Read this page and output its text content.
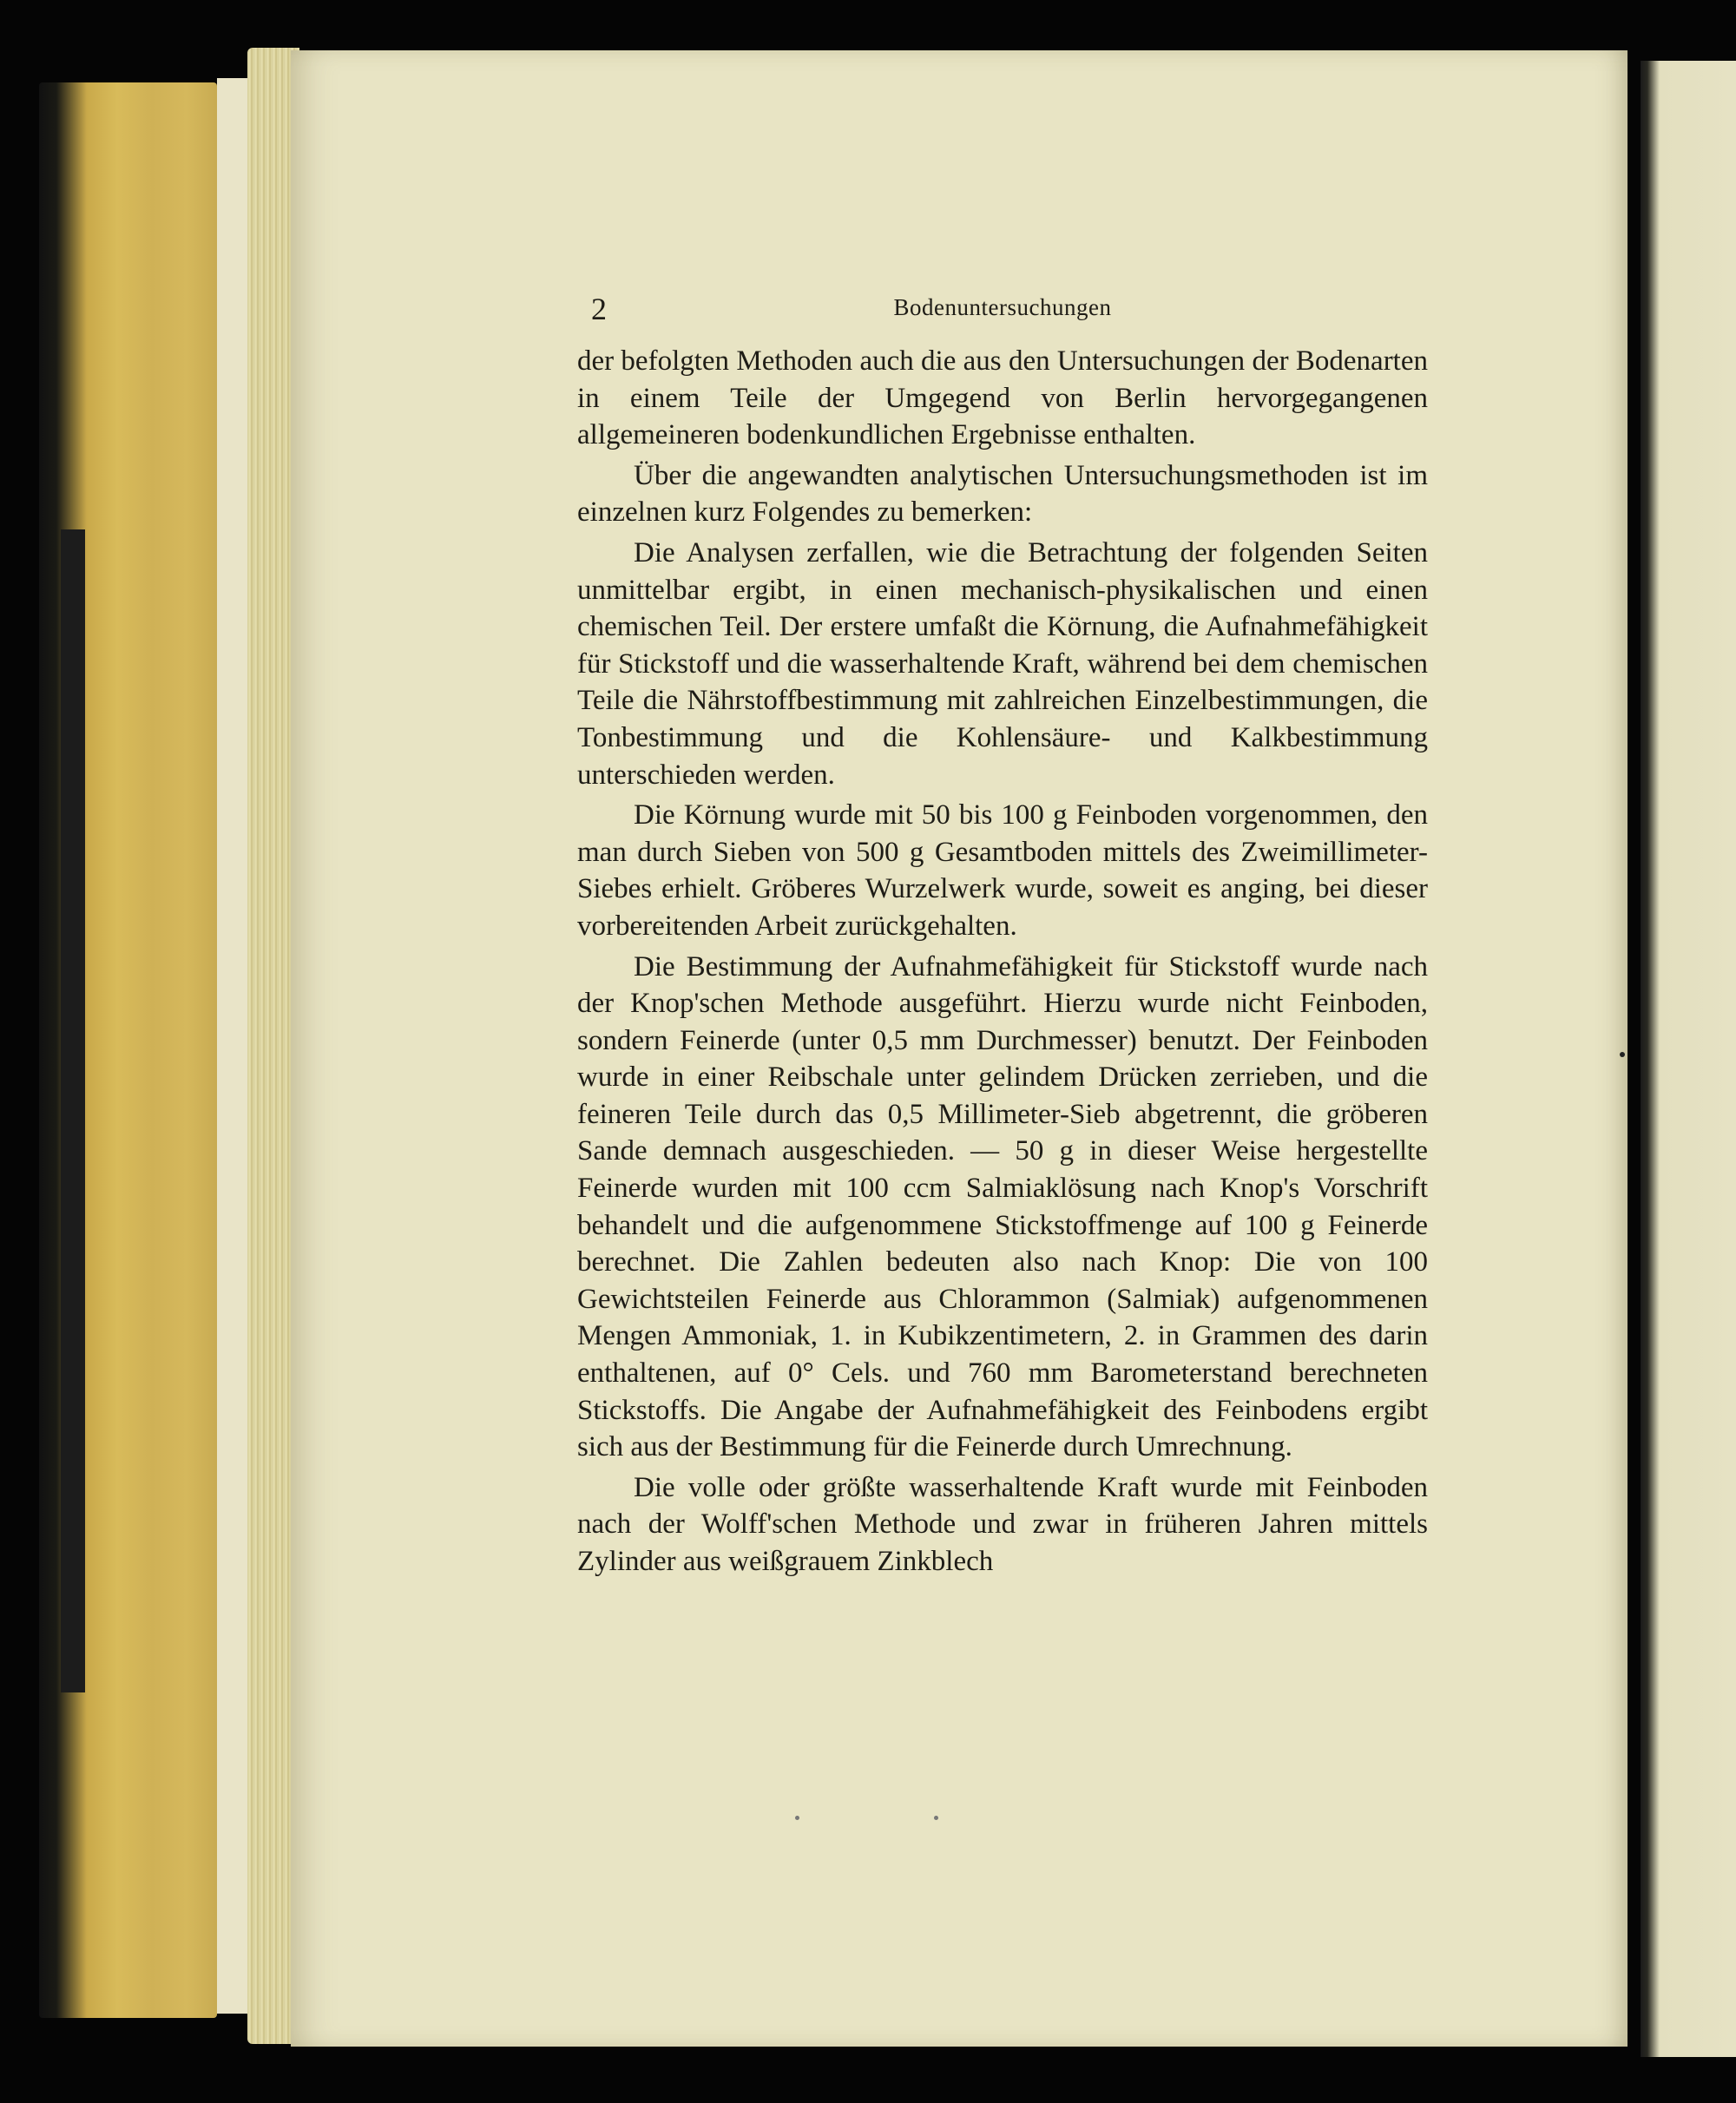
2	Bodenuntersuchungen

der befolgten Methoden auch die aus den Untersuchungen der Bodenarten in einem Teile der Umgegend von Berlin hervorgegangenen allgemeineren bodenkundlichen Ergebnisse enthalten.

Über die angewandten analytischen Untersuchungsmethoden ist im einzelnen kurz Folgendes zu bemerken:

Die Analysen zerfallen, wie die Betrachtung der folgenden Seiten unmittelbar ergibt, in einen mechanisch-physikalischen und einen chemischen Teil. Der erstere umfaßt die Körnung, die Aufnahmefähigkeit für Stickstoff und die wasserhaltende Kraft, während bei dem chemischen Teile die Nährstoffbestimmung mit zahlreichen Einzelbestimmungen, die Tonbestimmung und die Kohlensäure- und Kalkbestimmung unterschieden werden.

Die Körnung wurde mit 50 bis 100 g Feinboden vorgenommen, den man durch Sieben von 500 g Gesamtboden mittels des Zweimillimeter-Siebes erhielt. Gröberes Wurzelwerk wurde, soweit es anging, bei dieser vorbereitenden Arbeit zurückgehalten.

Die Bestimmung der Aufnahmefähigkeit für Stickstoff wurde nach der Knop'schen Methode ausgeführt. Hierzu wurde nicht Feinboden, sondern Feinerde (unter 0,5 mm Durchmesser) benutzt. Der Feinboden wurde in einer Reibschale unter gelindem Drücken zerrieben, und die feineren Teile durch das 0,5 Millimeter-Sieb abgetrennt, die gröberen Sande demnach ausgeschieden. — 50 g in dieser Weise hergestellte Feinerde wurden mit 100 ccm Salmiaklösung nach Knop's Vorschrift behandelt und die aufgenommene Stickstoffmenge auf 100 g Feinerde berechnet. Die Zahlen bedeuten also nach Knop: Die von 100 Gewichtsteilen Feinerde aus Chlorammon (Salmiak) aufgenommenen Mengen Ammoniak, 1. in Kubikzentimetern, 2. in Grammen des darin enthaltenen, auf 0° Cels. und 760 mm Barometerstand berechneten Stickstoffs. Die Angabe der Aufnahmefähigkeit des Feinbodens ergibt sich aus der Bestimmung für die Feinerde durch Umrechnung.

Die volle oder größte wasserhaltende Kraft wurde mit Feinboden nach der Wolff'schen Methode und zwar in früheren Jahren mittels Zylinder aus weißgrauem Zinkblech
